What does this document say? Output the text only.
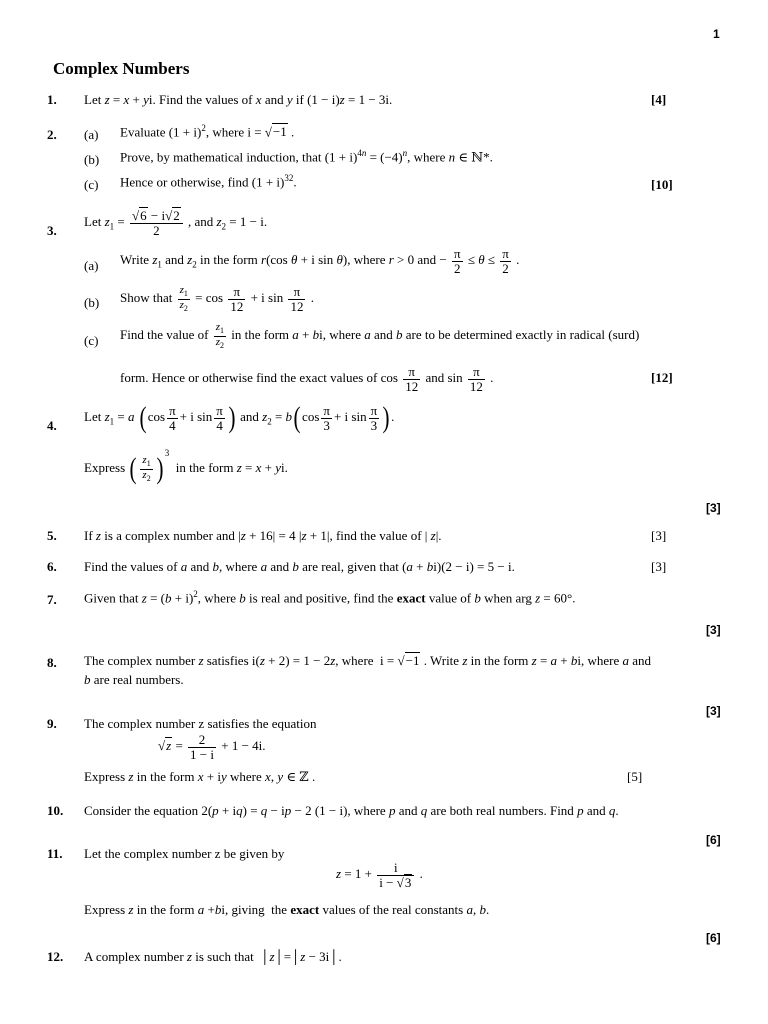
1
Complex Numbers
1. Let z = x + yi. Find the values of x and y if (1 − i)z = 1 − 3i.	[4]
2. (a) Evaluate $(1 + i)^2$, where i = √−1 .
(b) Prove, by mathematical induction, that $(1 + i)^{4n} = (-4)^n$, where n ∈ ℕ*.
(c) Hence or otherwise, find $(1 + i)^{32}$.	[10]
3.
Let $z_1 = \frac{√6 - i√2}{2}$ , and $z_2 = 1 - i$.
(a) Write $z_1$ and $z_2$ in the form r(cos θ + i sin θ), where r > 0 and − $\frac{\pi}{2} \le \theta \le \frac{\pi}{2}$ .
(b) Show that $\frac{z_1}{z_2} = \cos \frac{\pi}{12} + i$ $\sin \frac{\pi}{12}$ .
(c) Find the value of $\frac{z_1}{z_2}$ in the form a + bi, where a and b are to be determined exactly in radical (surd)
form. Hence or otherwise find the exact values of $\cos \frac{\pi}{12}$ and $\sin \frac{\pi}{12}$ .	[12]
4.
Let $z_1 = a$ ( $\cos \frac{\pi}{4} + i$ $\sin \frac{\pi}{4}$ ) and $z_2 = b$( $\cos \frac{\pi}{3} + i$ $\sin \frac{\pi}{3}$ ) .
Express ( $\frac{z_1}{z_2}$ ) $^3$  in the form z = x + yi.
[3]
5. If z is a complex number and |z + 16| = 4 |z + 1|, find the value of | z|.	[3]
6. Find the values of a and b, where a and b are real, given that (a + bi)(2 − i) = 5 − i.	[3]
7. Given that $z = (b + i)^2$, where b is real and positive, find the exact value of b when arg z = 60°.
[3]
8. The complex number z satisfies i(z + 2) = 1 − 2z, where  i = √−1 . Write z in the form z = a + bi, where a and
b are real numbers.
[3]
9. The complex number z satisfies the equation
$√z = \frac{2}{1 - i} + 1 - 4i$.
Express z in the form x + iy where x, y ∈ ℤ .	[5]
10. Consider the equation 2(p + iq) = q − ip − 2 (1 − i), where p and q are both real numbers. Find p and q.
[6]
11. Let the complex number z be given by
$z = 1 + \frac{i}{i - √3}$ .
Express z in the form a +bi, giving  the exact values of the real constants a, b.
[6]
12. A complex number z is such that  │z│=│z − 3i│.
